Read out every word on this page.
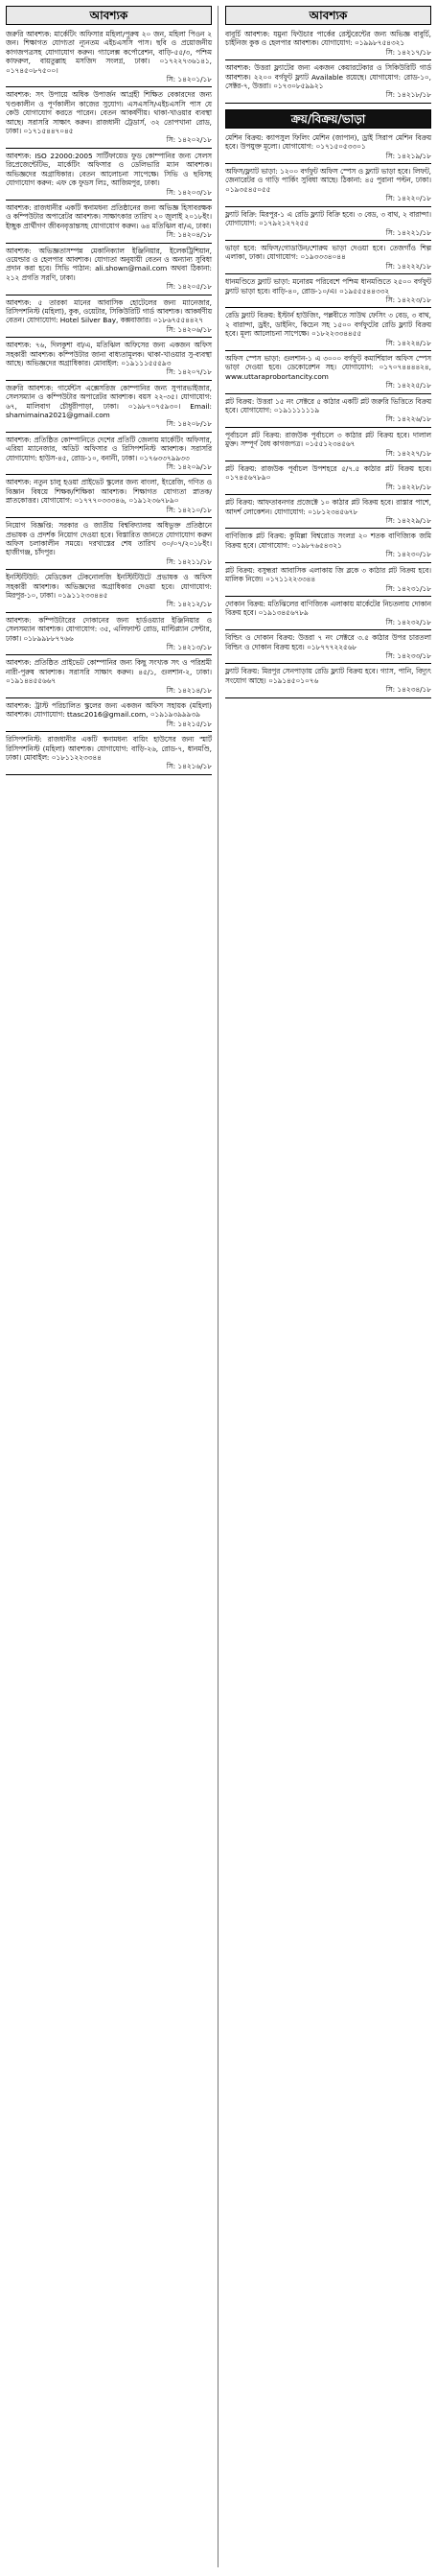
আবশ্যক
জরুরি আবশ্যক: মার্কেটিং অফিসার মহিলা/পুরুষ ২০ জন, মহিলা পিওন ২ জন। শিক্ষাগত যোগ্যতা ন্যূনতম এইচএসসি পাস। ছবি ও প্রয়োজনীয় কাগজপত্রসহ যোগাযোগ করুন। গ্যালেক্স কর্পোরেশন, বাড়ি-৫৫/৩, পশ্চিম কাফরুল, বায়তুল্লাহ মসজিদ সংলগ্ন, ঢাকা। ০১৭২২৭৩৬১৪১, ০১৭৪৫০৮৭৫০০।
সি: ১৪২০১/১৮
আবশ্যক: সৎ উপায়ে অধিক উপার্জন আগ্রহী শিক্ষিত বেকারদের জন্য খণ্ডকালীন ও পূর্ণকালীন কাজের সুযোগ। এসএসসি/এইচএসসি পাস যে কেউ যোগাযোগ করতে পারেন। বেতন আকর্ষণীয়। থাকা-খাওয়ার ব্যবস্থা আছে। সরাসরি সাক্ষাৎ করুন। রাজধানী ট্রেডার্স, ৩২ তোপখানা রোড, ঢাকা। ০১৭১৫৪৪৭০৪৫
সি: ১৪২০২/১৮
আবশ্যক: ISO 22000:2005 সার্টিফায়েড ফুড কোম্পানির জন্য সেলস রিপ্রেজেন্টেটিভ, মার্কেটিং অফিসার ও ডেলিভারি ম্যান আবশ্যক। অভিজ্ঞদের অগ্রাধিকার। বেতন আলোচনা সাপেক্ষে। সিভি ও ছবিসহ যোগাযোগ করুন: এফ কে ফুডস লিঃ, আজিমপুর, ঢাকা।
সি: ১৪২০৩/১৮
আবশ্যক: রাজধানীর একটি স্বনামধন্য প্রতিষ্ঠানের জন্য অভিজ্ঞ হিসাবরক্ষক ও কম্পিউটার অপারেটর আবশ্যক। সাক্ষাৎকার তারিখ ২০ জুলাই ২০১৮ইং। ইচ্ছুক প্রার্থীগণ জীবনবৃত্তান্তসহ যোগাযোগ করুন। ৬৪ মতিঝিল বা/এ, ঢাকা।
সি: ১৪২০৪/১৮
আবশ্যক: অভিজ্ঞতাসম্পন্ন মেকানিক্যাল ইঞ্জিনিয়ার, ইলেকট্রিশিয়ান, ওয়েল্ডার ও হেলপার আবশ্যক। যোগ্যতা অনুযায়ী বেতন ও অন্যান্য সুবিধা প্রদান করা হবে। সিভি পাঠান: ali.shown@mail.com অথবা ঠিকানা: ২১২ প্রগতি সরণি, ঢাকা।
সি: ১৪২০৫/১৮
আবশ্যক: ৫ তারকা মানের আবাসিক হোটেলের জন্য ম্যানেজার, রিসিপশনিস্ট (মহিলা), কুক, ওয়েটার, সিকিউরিটি গার্ড আবশ্যক। আকর্ষণীয় বেতন। যোগাযোগ: Hotel Silver Bay, কক্সবাজার। ০১৮৬৭৫৫৪৪২৭
সি: ১৪২০৬/১৮
আবশ্যক: ৭৬, দিলকুশা বা/এ, মতিঝিল অফিসের জন্য একজন অফিস সহকারী আবশ্যক। কম্পিউটার জানা বাধ্যতামূলক। থাকা-খাওয়ার সু-ব্যবস্থা আছে। অভিজ্ঞদের অগ্রাধিকার। মোবাইল: ০১৯১১১৫৫৫৯৩
সি: ১৪২০৭/১৮
জরুরি আবশ্যক: গার্মেন্টস এক্সেসরিজ কোম্পানির জন্য সুপারভাইজার, সেলসম্যান ও কম্পিউটার অপারেটর আবশ্যক। বয়স ২২-৩৫। যোগাযোগ: ৬৭, মালিবাগ চৌধুরীপাড়া, ঢাকা। ০১৯৮৭০৭৫৯৩০। Email: shamimaina2021@gmail.com
সি: ১৪২০৮/১৮
আবশ্যক: প্রতিষ্ঠিত কোম্পানিতে দেশের প্রতিটি জেলায় মার্কেটিং অফিসার, এরিয়া ম্যানেজার, অডিট অফিসার ও রিসিপশনিস্ট আবশ্যক। সরাসরি যোগাযোগ: হাউস-৪৫, রোড-১০, বনানী, ঢাকা। ০১৭৬৩৩৭৯৯৩৩
সি: ১৪২০৯/১৮
আবশ্যক: নতুন চালু হওয়া প্রাইভেট স্কুলের জন্য বাংলা, ইংরেজি, গণিত ও বিজ্ঞান বিষয়ে শিক্ষক/শিক্ষিকা আবশ্যক। শিক্ষাগত যোগ্যতা স্নাতক/স্নাতকোত্তর। যোগাযোগ: ০১৭৭৭০৩৩৩৪৬, ০১৯১২৩৬৭৮৯০
সি: ১৪২১০/১৮
নিয়োগ বিজ্ঞপ্তি: সরকার ও জাতীয় বিশ্ববিদ্যালয় অধিভুক্ত প্রতিষ্ঠানে প্রভাষক ও প্রদর্শক নিয়োগ দেওয়া হবে। বিস্তারিত জানতে যোগাযোগ করুন অফিস চলাকালীন সময়ে। দরখাস্তের শেষ তারিখ ৩০/০৭/২০১৮ইং। হাজীগঞ্জ, চাঁদপুর।
সি: ১৪২১১/১৮
ইনস্টিটিউট: মেডিকেল টেকনোলজি ইনস্টিটিউটে প্রভাষক ও অফিস সহকারী আবশ্যক। অভিজ্ঞদের অগ্রাধিকার দেওয়া হবে। যোগাযোগ: মিরপুর-১০, ঢাকা। ০১৯১১২৩৩৪৪৫
সি: ১৪২১২/১৮
আবশ্যক: কম্পিউটারের দোকানের জন্য হার্ডওয়্যার ইঞ্জিনিয়ার ও সেলসম্যান আবশ্যক। যোগাযোগ: ৩৫, এলিফ্যান্ট রোড, মাল্টিপ্ল্যান সেন্টার, ঢাকা। ০১৮৯৯৮৮৭৭৬৬
সি: ১৪২১৩/১৮
আবশ্যক: প্রতিষ্ঠিত প্রাইভেট কোম্পানির জন্য কিছু সংখ্যক সৎ ও পরিশ্রমী নারী-পুরুষ আবশ্যক। সরাসরি সাক্ষাৎ করুন। ৪৫/১, গুলশান-২, ঢাকা। ০১৯১৪৪৫৫৬৬৭
সি: ১৪২১৪/১৮
আবশ্যক: ট্রাস্ট পরিচালিত স্কুলের জন্য একজন অফিস সহায়ক (মহিলা) আবশ্যক। যোগাযোগ: ttasc2016@gmail.com, ০১৯১৯৩৯৯৯৩৯
সি: ১৪২১৫/১৮
রিসিপশনিস্ট: রাজধানীর একটি স্বনামধন্য বায়িং হাউসের জন্য স্মার্ট রিসিপশনিস্ট (মহিলা) আবশ্যক। যোগাযোগ: বাড়ি-২৬, রোড-৭, ধানমণ্ডি, ঢাকা। মোবাইল: ০১৮১১২২৩৩৪৪
সি: ১৪২১৬/১৮
আবশ্যক
বাবুর্চি আবশ্যক: যমুনা ফিউচার পার্কের রেস্টুরেন্টের জন্য অভিজ্ঞ বাবুর্চি, চাইনিজ কুক ও হেলপার আবশ্যক। যোগাযোগ: ০১৯৯৮৭৫৪৩২১
সি: ১৪২১৭/১৮
আবশ্যক: উত্তরা ফ্ল্যাটের জন্য একজন কেয়ারটেকার ও সিকিউরিটি গার্ড আবশ্যক। ২২০০ বর্গফুট ফ্ল্যাট Available রয়েছে। যোগাযোগ: রোড-১০, সেক্টর-৭, উত্তরা। ০১৭৩০৮৫৯৯২১
সি: ১৪২১৮/১৮
ক্রয়/বিক্রয়/ভাড়া
মেশিন বিক্রয়: ক্যাপসুল ফিলিং মেশিন (জাপান), ড্রাই সিরাপ মেশিন বিক্রয় হবে। উপযুক্ত মূল্যে। যোগাযোগ: ০১৭১৫০৫৩৩০১
সি: ১৪২১৯/১৮
অফিস/ফ্ল্যাট ভাড়া: ১২০০ বর্গফুট অফিস স্পেস ও ফ্ল্যাট ভাড়া হবে। লিফট, জেনারেটর ও গাড়ি পার্কিং সুবিধা আছে। ঠিকানা: ৪৫ পুরানা পল্টন, ঢাকা। ০১৯৩৫৪৫০৫৫
সি: ১৪২২০/১৮
ফ্ল্যাট বিক্রি: মিরপুর-১ এ রেডি ফ্ল্যাট বিক্রি হবে। ৩ বেড, ৩ বাথ, ২ বারান্দা। যোগাযোগ: ০১৭৯২১২৭২৫৫
সি: ১৪২২১/১৮
ভাড়া হবে: অফিস/গোডাউন/শোরুম ভাড়া দেওয়া হবে। তেজগাঁও শিল্প এলাকা, ঢাকা। যোগাযোগ: ০১৯৩৩৩৪০৪৪
সি: ১৪২২২/১৮
ধানমণ্ডিতে ফ্ল্যাট ভাড়া: মনোরম পরিবেশে পশ্চিম ধানমণ্ডিতে ২৫০০ বর্গফুট ফ্ল্যাট ভাড়া হবে। বাড়ি-৪০, রোড-১০/এ। ০১৯৫৫৫৪৪৩৩২
সি: ১৪২২৩/১৮
রেডি ফ্ল্যাট বিক্রয়: ইস্টার্ন হাউজিং, পল্লবীতে সাউথ ফেসিং ৩ বেড, ৩ বাথ, ২ বারান্দা, ড্রইং, ডাইনিং, কিচেন সহ ১৫০০ বর্গফুটের রেডি ফ্ল্যাট বিক্রয় হবে। মূল্য আলোচনা সাপেক্ষে। ০১৮২২৩৩৪৪৫৫
সি: ১৪২২৪/১৮
অফিস স্পেস ভাড়া: গুলশান-১ এ ৩০০০ বর্গফুট কমার্শিয়াল অফিস স্পেস ভাড়া দেওয়া হবে। ডেকোরেশন সহ। যোগাযোগ: ০১৭০৭৪৪৪৪২৪, www.uttaraprobortancity.com
সি: ১৪২২৫/১৮
প্লট বিক্রয়: উত্তরা ১৫ নং সেক্টরে ৫ কাঠার একটি প্লট জরুরি ভিত্তিতে বিক্রয় হবে। যোগাযোগ: ০১৯১১১১১১৯
সি: ১৪২২৬/১৮
পূর্বাচলে প্লট বিক্রয়: রাজউক পূর্বাচলে ৩ কাঠার প্লট বিক্রয় হবে। দালাল মুক্ত। সম্পূর্ণ বৈধ কাগজপত্র। ০১৫৫১২৩৪৫৬৭
সি: ১৪২২৭/১৮
প্লট বিক্রয়: রাজউক পূর্বাচল উপশহরে ৫/৭.৫ কাঠার প্লট বিক্রয় হবে। ০১৭৪৫৬৭৮৯০
সি: ১৪২২৮/১৮
প্লট বিক্রয়: আফতাবনগর প্রজেক্টে ১০ কাঠার প্লট বিক্রয় হবে। রাস্তার পাশে, আদর্শ লোকেশন। যোগাযোগ: ০১৮১২৩৪৫৬৭৮
সি: ১৪২২৯/১৮
বাণিজ্যিক প্লট বিক্রয়: কুমিল্লা বিশ্বরোড সংলগ্ন ২০ শতক বাণিজ্যিক জমি বিক্রয় হবে। যোগাযোগ: ০১৯৮৭৬৫৪৩২১
সি: ১৪২৩০/১৮
প্লট বিক্রয়: বসুন্ধরা আবাসিক এলাকায় জি ব্লকে ৩ কাঠার প্লট বিক্রয় হবে। মালিক নিজে। ০১৭১১২২৩৩৪৪
সি: ১৪২৩১/১৮
দোকান বিক্রয়: মতিঝিলের বাণিজ্যিক এলাকায় মার্কেটের নিচতলায় দোকান বিক্রয় হবে। ০১৯১৩৪৫৬৭৮৯
সি: ১৪২৩২/১৮
বিল্ডিং ও দোকান বিক্রয়: উত্তরা ৭ নং সেক্টরে ৩.৫ কাঠার উপর চারতলা বিল্ডিং ও দোকান বিক্রয় হবে। ০১৮৭৭৭২২৫৬৮
সি: ১৪২৩৩/১৮
ফ্ল্যাট বিক্রয়: মিরপুর সেনপাড়ায় রেডি ফ্ল্যাট বিক্রয় হবে। গ্যাস, পানি, বিদ্যুৎ সংযোগ আছে। ০১৯১৪৫০১০৭৬
সি: ১৪২৩৪/১৮
